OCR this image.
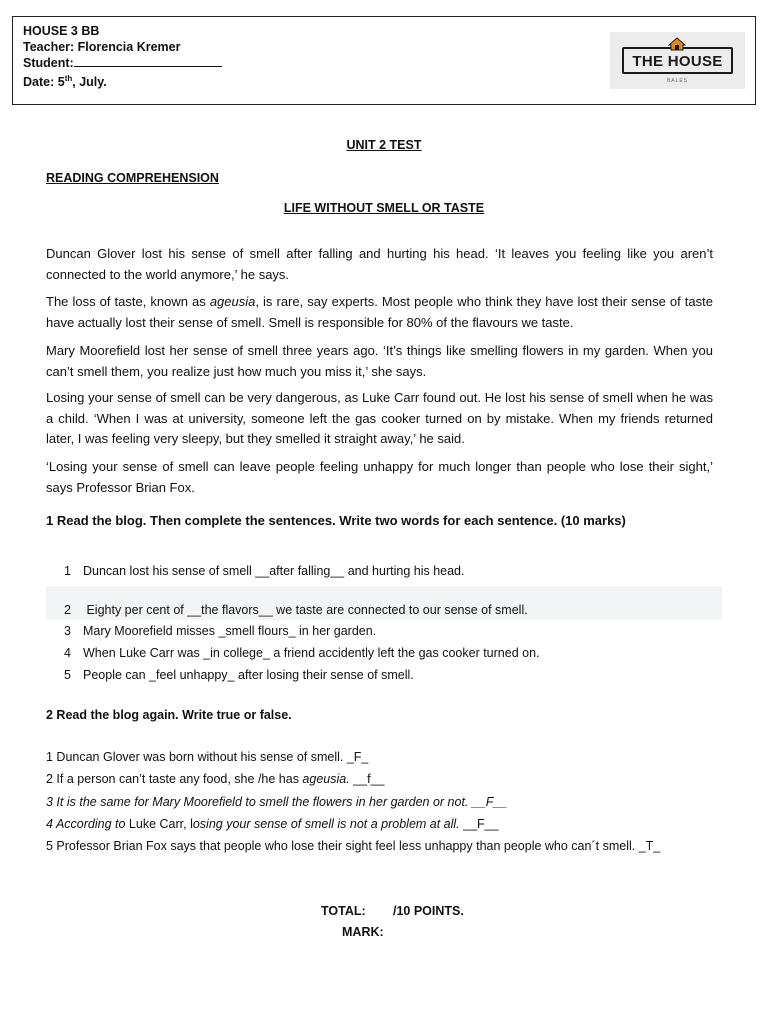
HOUSE 3 BB
Teacher: Florencia Kremer
Student:
Date: 5th, July.
THE HOUSE
BALES
UNIT 2 TEST
READING COMPREHENSION
LIFE WITHOUT SMELL OR TASTE
Duncan Glover lost his sense of smell after falling and hurting his head. ‘It leaves you feeling like you aren’t connected to the world anymore,’ he says.
The loss of taste, known as ageusia, is rare, say experts. Most people who think they have lost their sense of taste have actually lost their sense of smell. Smell is responsible for 80% of the flavours we taste.
Mary Moorefield lost her sense of smell three years ago. ‘It’s things like smelling flowers in my garden. When you can’t smell them, you realize just how much you miss it,’ she says.
Losing your sense of smell can be very dangerous, as Luke Carr found out. He lost his sense of smell when he was a child. ‘When I was at university, someone left the gas cooker turned on by mistake. When my friends returned later, I was feeling very sleepy, but they smelled it straight away,’ he said.
‘Losing your sense of smell can leave people feeling unhappy for much longer than people who lose their sight,’ says Professor Brian Fox.
1 Read the blog. Then complete the sentences. Write two words for each sentence. (10 marks)
1 Duncan lost his sense of smell __after falling__ and hurting his head.
2 Eighty per cent of __the flavors__ we taste are connected to our sense of smell.
3 Mary Moorefield misses _smell flours_ in her garden.
4 When Luke Carr was _in college_ a friend accidently left the gas cooker turned on.
5 People can _feel unhappy_ after losing their sense of smell.
2 Read the blog again. Write true or false.
1 Duncan Glover was born without his sense of smell. _F_
2 If a person can’t taste any food, she /he has ageusia. __f__
3 It is the same for Mary Moorefield to smell the flowers in her garden or not. __F__
4 According to Luke Carr, losing your sense of smell is not a problem at all. __F__
5 Professor Brian Fox says that people who lose their sight feel less unhappy than people who can´t smell. _T_
TOTAL: /10 POINTS.
MARK:
